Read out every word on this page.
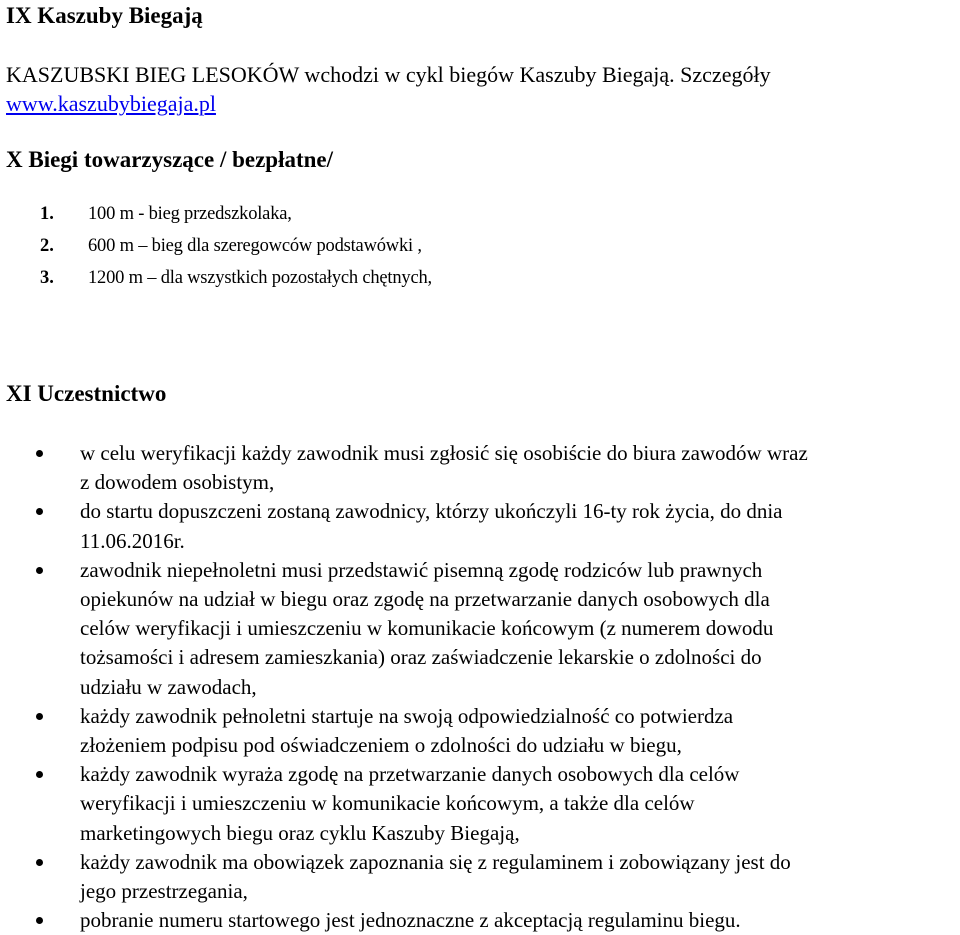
IX Kaszuby Biegają
KASZUBSKI BIEG LESOKÓW wchodzi w cykl biegów Kaszuby Biegają. Szczegóły
www.kaszubybiegaja.pl
X Biegi towarzyszące / bezpłatne/
1. 100 m - bieg przedszkolaka,
2. 600 m – bieg dla szeregowców podstawówki ,
3. 1200 m – dla wszystkich pozostałych chętnych,
XI Uczestnictwo
w celu weryfikacji każdy zawodnik musi zgłosić się osobiście do biura zawodów wraz
z dowodem osobistym,
do startu dopuszczeni zostaną zawodnicy, którzy ukończyli 16-ty rok życia, do dnia
11.06.2016r.
zawodnik niepełnoletni musi przedstawić pisemną zgodę rodziców lub prawnych
opiekunów na udział w biegu oraz zgodę na przetwarzanie danych osobowych dla
celów weryfikacji i umieszczeniu w komunikacie końcowym (z numerem dowodu
tożsamości i adresem zamieszkania) oraz zaświadczenie lekarskie o zdolności do
udziału w zawodach,
każdy zawodnik pełnoletni startuje na swoją odpowiedzialność co potwierdza
złożeniem podpisu pod oświadczeniem o zdolności do udziału w biegu,
każdy zawodnik wyraża zgodę na przetwarzanie danych osobowych dla celów
weryfikacji i umieszczeniu w komunikacie końcowym, a także dla celów
marketingowych biegu oraz cyklu Kaszuby Biegają,
każdy zawodnik ma obowiązek zapoznania się z regulaminem i zobowiązany jest do
jego przestrzegania,
pobranie numeru startowego jest jednoznaczne z akceptacją regulaminu biegu.
